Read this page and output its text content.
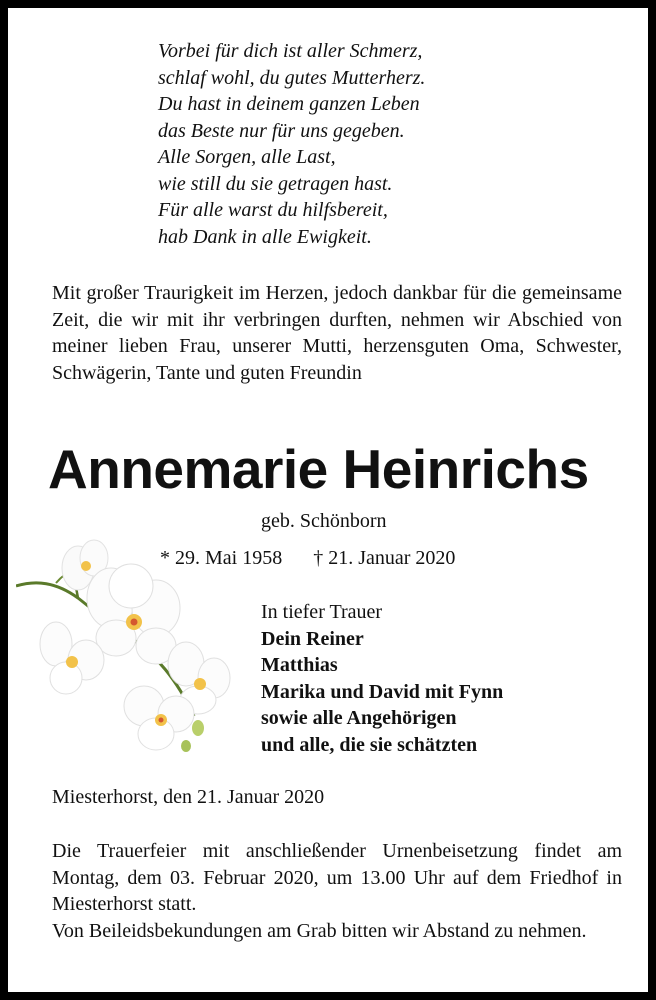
Vorbei für dich ist aller Schmerz,
schlaf wohl, du gutes Mutterherz.
Du hast in deinem ganzen Leben
das Beste nur für uns gegeben.
Alle Sorgen, alle Last,
wie still du sie getragen hast.
Für alle warst du hilfsbereit,
hab Dank in alle Ewigkeit.
Mit großer Traurigkeit im Herzen, jedoch dankbar für die gemeinsame Zeit, die wir mit ihr verbringen durften, nehmen wir Abschied von meiner lieben Frau, unserer Mutti, herzensguten Oma, Schwester, Schwägerin, Tante und guten Freundin
Annemarie Heinrichs
geb. Schönborn
* 29. Mai 1958 † 21. Januar 2020
In tiefer Trauer
Dein Reiner
Matthias
Marika und David mit Fynn
sowie alle Angehörigen
und alle, die sie schätzten
Miesterhorst, den 21. Januar 2020

Die Trauerfeier mit anschließender Urnenbeisetzung findet am Montag, dem 03. Februar 2020, um 13.00 Uhr auf dem Friedhof in Miesterhorst statt.

Von Beileidsbekundungen am Grab bitten wir Abstand zu nehmen.
